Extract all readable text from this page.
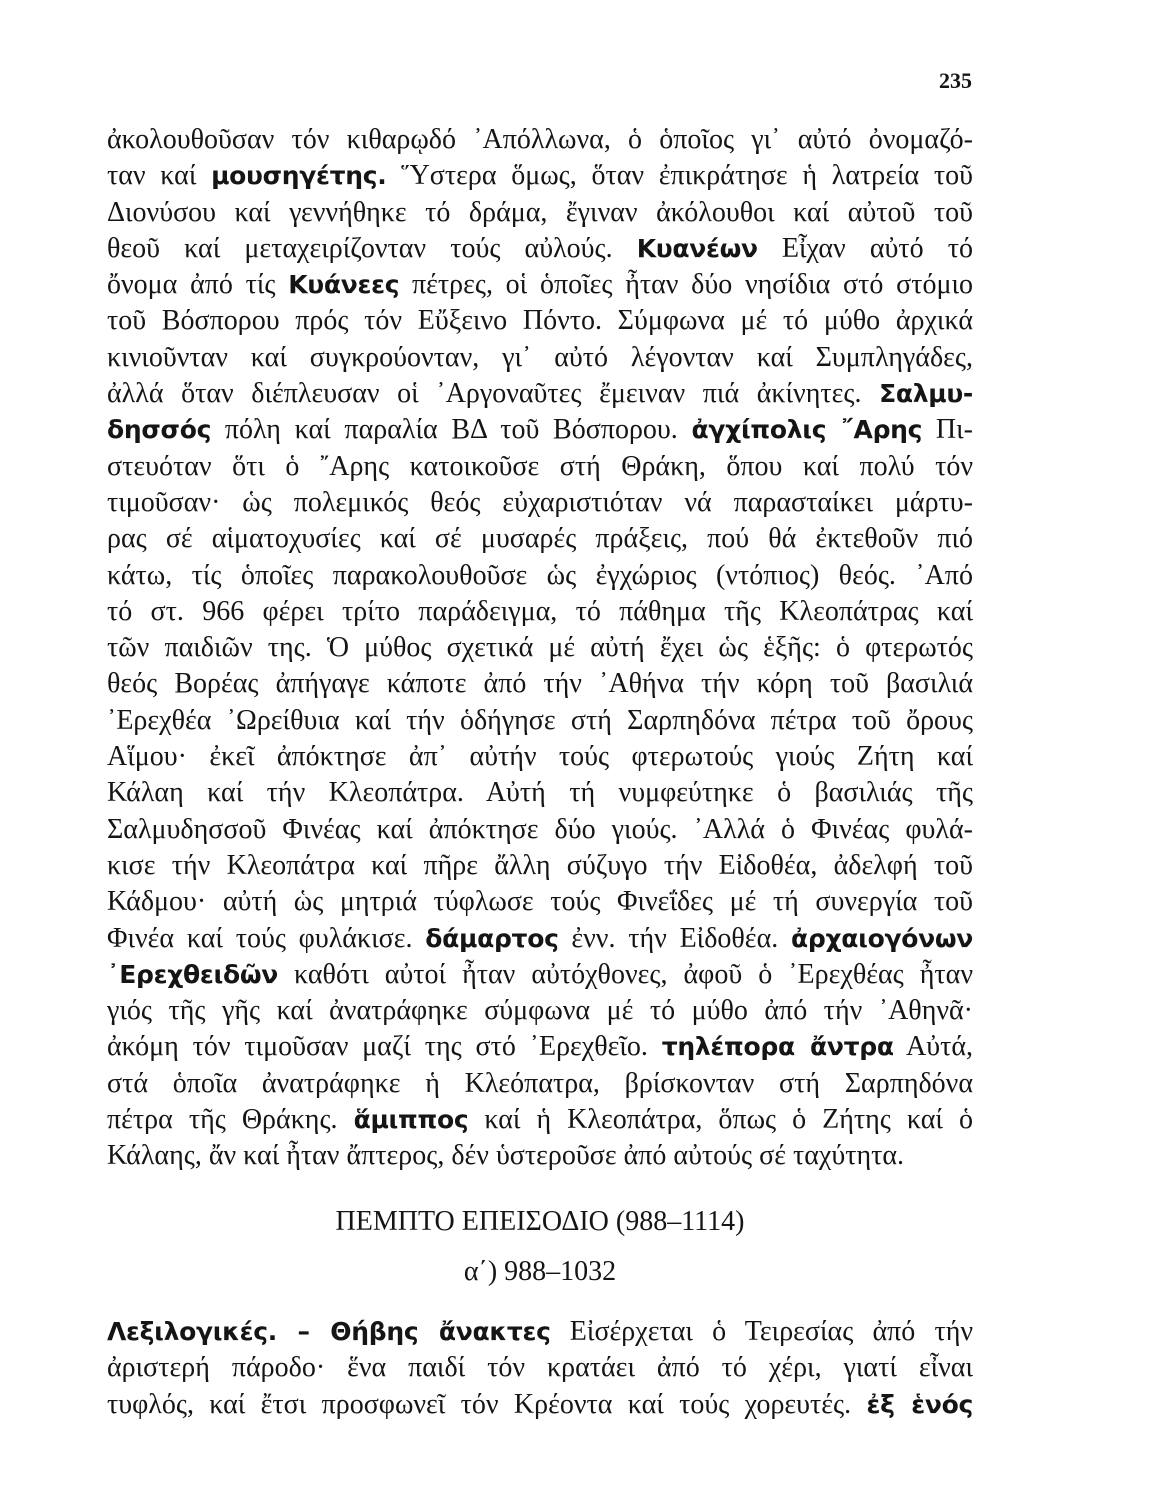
235
ἀκολουθοῦσαν τόν κιθαρῳδό ᾽Απόλλωνα, ὁ ὁποῖος γι᾽ αὐτό ὀνομαζό-
ταν καί μουσηγέτης. Ὕστερα ὅμως, ὅταν ἐπικράτησε ἡ λατρεία τοῦ
Διονύσου καί γεννήθηκε τό δράμα, ἔγιναν ἀκόλουθοι καί αὐτοῦ τοῦ
θεοῦ καί μεταχειρίζονταν τούς αὐλούς. Κυανέων Εἶχαν αὐτό τό
ὄνομα ἀπό τίς Κυάνεες πέτρες, οἱ ὁποῖες ἦταν δύο νησίδια στό στόμιο
τοῦ Βόσπορου πρός τόν Εὔξεινο Πόντο. Σύμφωνα μέ τό μύθο ἀρχικά
κινιοῦνταν καί συγκρούονταν, γι᾽ αὐτό λέγονταν καί Συμπληγάδες,
ἀλλά ὅταν διέπλευσαν οἱ ᾽Αργοναῦτες ἔμειναν πιά ἀκίνητες. Σαλμυ-
δησσός πόλη καί παραλία ΒΔ τοῦ Βόσπορου. ἀγχίπολις ῎Αρης Πι-
στευόταν ὅτι ὁ ῎Αρης κατοικοῦσε στή Θράκη, ὅπου καί πολύ τόν
τιμοῦσαν· ὡς πολεμικός θεός εὐχαριστιόταν νά παρασταίκει μάρτυ-
ρας σέ αἱματοχυσίες καί σέ μυσαρές πράξεις, πού θά ἐκτεθοῦν πιό
κάτω, τίς ὁποῖες παρακολουθοῦσε ὡς ἐγχώριος (ντόπιος) θεός. ᾽Από
τό στ. 966 φέρει τρίτο παράδειγμα, τό πάθημα τῆς Κλεοπάτρας καί
τῶν παιδιῶν της. Ὁ μύθος σχετικά μέ αὐτή ἔχει ὡς ἑξῆς: ὁ φτερωτός
θεός Βορέας ἀπήγαγε κάποτε ἀπό τήν ᾽Αθήνα τήν κόρη τοῦ βασιλιά
᾽Ερεχθέα ᾽Ωρείθυια καί τήν ὁδήγησε στή Σαρπηδόνα πέτρα τοῦ ὄρους
Αἵμου· ἐκεῖ ἀπόκτησε ἀπ᾽ αὐτήν τούς φτερωτούς γιούς Ζήτη καί
Κάλαη καί τήν Κλεοπάτρα. Αὐτή τή νυμφεύτηκε ὁ βασιλιάς τῆς
Σαλμυδησσοῦ Φινέας καί ἀπόκτησε δύο γιούς. ᾽Αλλά ὁ Φινέας φυλά-
κισε τήν Κλεοπάτρα καί πῆρε ἄλλη σύζυγο τήν Εἰδοθέα, ἀδελφή τοῦ
Κάδμου· αὐτή ὡς μητριά τύφλωσε τούς Φινεΐδες μέ τή συνεργία τοῦ
Φινέα καί τούς φυλάκισε. δάμαρτος ἐνν. τήν Εἰδοθέα. ἀρχαιογόνων
᾽Ερεχθειδῶν καθότι αὐτοί ἦταν αὐτόχθονες, ἀφοῦ ὁ ᾽Ερεχθέας ἦταν
γιός τῆς γῆς καί ἀνατράφηκε σύμφωνα μέ τό μύθο ἀπό τήν ᾽Αθηνᾶ·
ἀκόμη τόν τιμοῦσαν μαζί της στό ᾽Ερεχθεῖο. τηλέπορα ἄντρα Αὐτά,
στά ὁποῖα ἀνατράφηκε ἡ Κλεόπατρα, βρίσκονταν στή Σαρπηδόνα
πέτρα τῆς Θράκης. ἅμιππος καί ἡ Κλεοπάτρα, ὅπως ὁ Ζήτης καί ὁ
Κάλαης, ἄν καί ἦταν ἄπτερος, δέν ὑστεροῦσε ἀπό αὐτούς σέ ταχύτητα.
ΠΕΜΠΤΟ ΕΠΕΙΣΟΔΙΟ (988–1114)
α΄) 988–1032
Λεξιλογικές. – Θήβης ἄνακτες Εἰσέρχεται ὁ Τειρεσίας ἀπό τήν
ἀριστερή πάροδο· ἕνα παιδί τόν κρατάει ἀπό τό χέρι, γιατί εἶναι
τυφλός, καί ἔτσι προσφωνεῖ τόν Κρέοντα καί τούς χορευτές. ἐξ ἑνός
